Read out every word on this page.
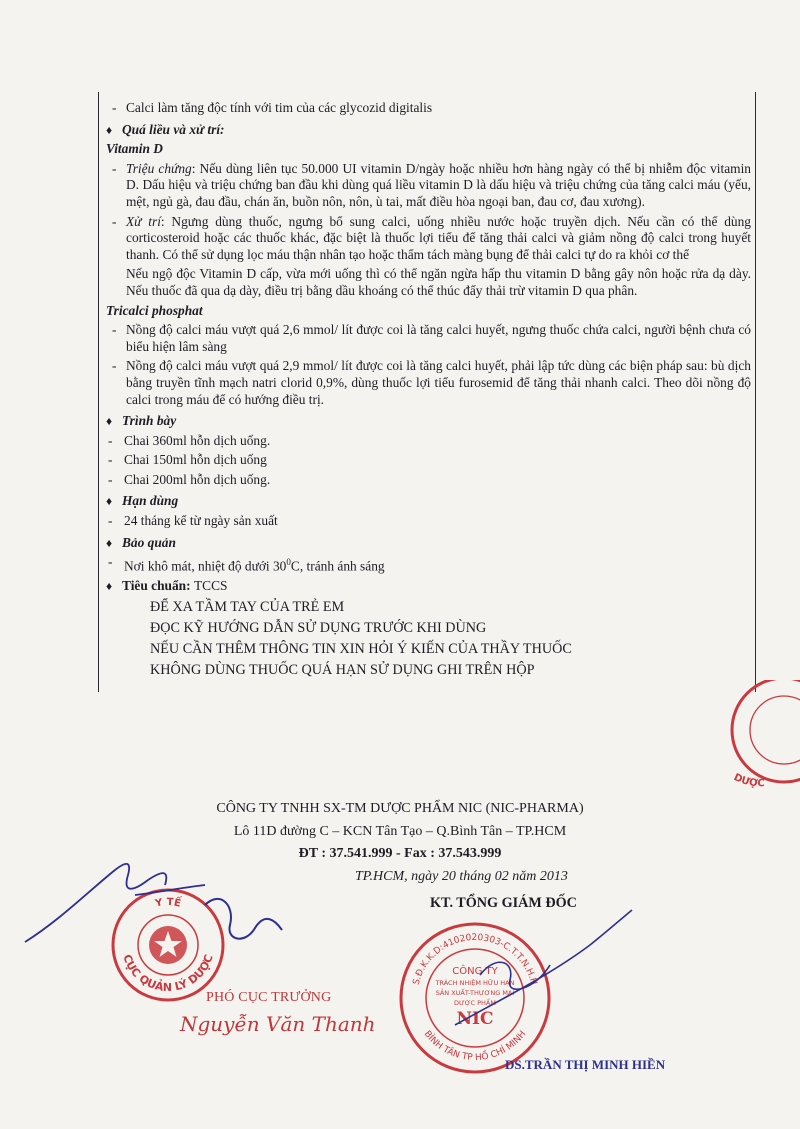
- Calci làm tăng độc tính với tim của các glycozid digitalis
♦ Quá liều và xử trí:
Vitamin D
- Triệu chứng: Nếu dùng liên tục 50.000 UI vitamin D/ngày hoặc nhiều hơn hàng ngày có thể bị nhiễm độc vitamin D. Dấu hiệu và triệu chứng ban đầu khi dùng quá liều vitamin D là dấu hiệu và triệu chứng của tăng calci máu (yếu, mệt, ngủ gà, đau đầu, chán ăn, buồn nôn, nôn, ù tai, mất điều hòa ngoại ban, đau cơ, đau xương).
- Xử trí: Ngưng dùng thuốc, ngưng bổ sung calci, uống nhiều nước hoặc truyền dịch. Nếu cần có thể dùng corticosteroid hoặc các thuốc khác, đặc biệt là thuốc lợi tiểu để tăng thải calci và giảm nồng độ calci trong huyết thanh. Có thể sử dụng lọc máu thận nhân tạo hoặc thẩm tách màng bụng để thải calci tự do ra khỏi cơ thể
Nếu ngộ độc Vitamin D cấp, vừa mới uống thì có thể ngăn ngừa hấp thu vitamin D bằng gây nôn hoặc rửa dạ dày. Nếu thuốc đã qua dạ dày, điều trị bằng dầu khoáng có thể thúc đẩy thải trừ vitamin D qua phân.
Tricalci phosphat
- Nồng độ calci máu vượt quá 2,6 mmol/ lít được coi là tăng calci huyết, ngưng thuốc chứa calci, người bệnh chưa có biểu hiện lâm sàng
- Nồng độ calci máu vượt quá 2,9 mmol/ lít được coi là tăng calci huyết, phải lập tức dùng các biện pháp sau: bù dịch bằng truyền tĩnh mạch natri clorid 0,9%, dùng thuốc lợi tiểu furosemid để tăng thải nhanh calci. Theo dõi nồng độ calci trong máu để có hướng điều trị.
♦ Trình bày
- Chai 360ml hỗn dịch uống.
- Chai 150ml hỗn dịch uống
- Chai 200ml hỗn dịch uống.
♦ Hạn dùng
- 24 tháng kể từ ngày sản xuất
♦ Bảo quản
- Nơi khô mát, nhiệt độ dưới $30^0C$, tránh ánh sáng
♦ Tiêu chuẩn: TCCS
ĐỂ XA TẦM TAY CỦA TRẺ EM
ĐỌC KỸ HƯỚNG DẪN SỬ DỤNG TRƯỚC KHI DÙNG
NẾU CẦN THÊM THÔNG TIN XIN HỎI Ý KIẾN CỦA THẦY THUỐC
KHÔNG DÙNG THUỐC QUÁ HẠN SỬ DỤNG GHI TRÊN HỘP
CÔNG TY TNHH SX-TM DƯỢC PHẨM NIC (NIC-PHARMA)
Lô 11D đường C – KCN Tân Tạo – Q.Bình Tân – TP.HCM
ĐT : 37.541.999 - Fax : 37.543.999
TP.HCM, ngày 20 tháng 02 năm 2013
KT. TỔNG GIÁM ĐỐC
Y TẾ
CỤC QUẢN LÝ DƯỢC
PHÓ CỤC TRƯỞNG
Nguyễn Văn Thanh
S.Đ.K.K.D:4102020303-C.T.T.N.H.H
BÌNH TÂN TP HỒ CHÍ MINH
CÔNG TY
TRÁCH NHIỆM HỮU HẠN
SẢN XUẤT-THƯƠNG MẠI
DƯỢC PHẨM
NIC
DS.TRẦN THỊ MINH HIỀN
DƯỢC
